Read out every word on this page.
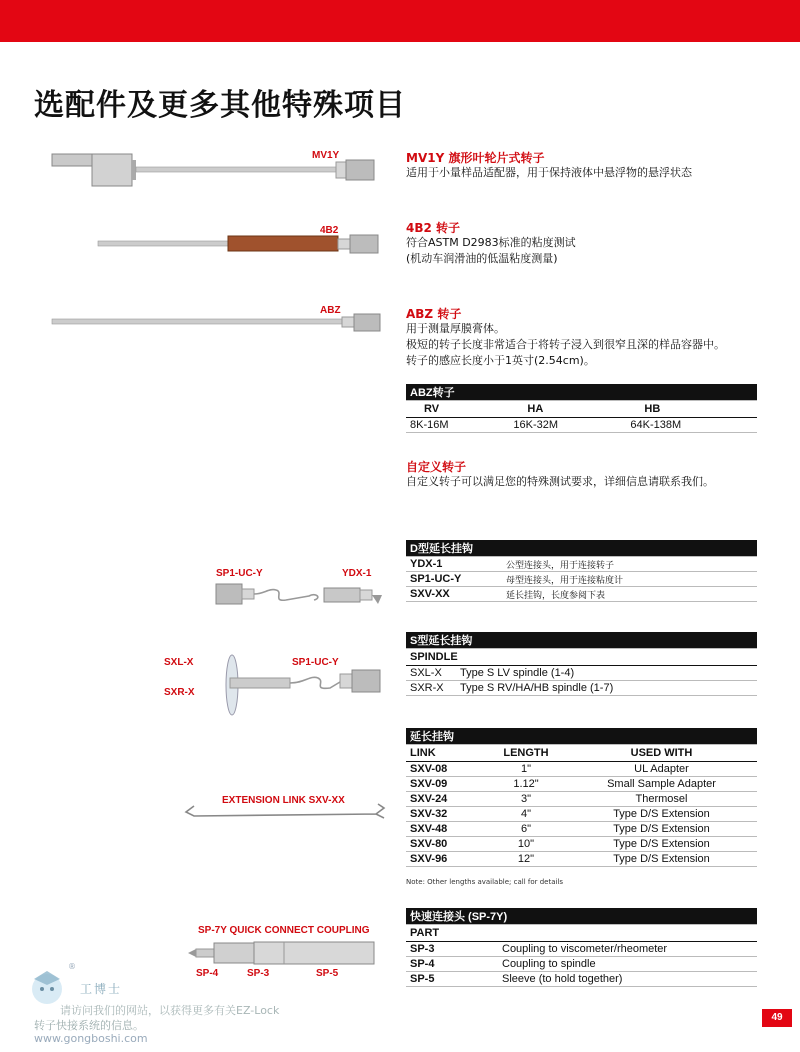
选配件及更多其他特殊项目
MV1Y	MV1Y 旗形叶轮片式转子
适用于小量样品适配器，用于保持液体中悬浮物的悬浮状态
4B2	4B2 转子
符合ASTM D2983标准的粘度测试
(机动车润滑油的低温粘度测量)
ABZ	ABZ 转子
用于测量厚膜膏体。
极短的转子长度非常适合于将转子浸入到很窄且深的样品容器中。
转子的感应长度小于1英寸(2.54cm)。
ABZ转子		
RV	HA	HB
8K-16M	16K-32M	64K-138M
自定义转子
自定义转子可以满足您的特殊测试要求，详细信息请联系我们。
SP1-UC-Y	YDX-1
D型延长挂钩	
YDX-1	公型连接头，用于连接转子
SP1-UC-Y	母型连接头，用于连接粘度计
SXV-XX	延长挂钩，长度参阅下表
SXL-X
SXR-X
SP1-UC-Y
S型延长挂钩	
SPINDLE	
SXL-X	Type S LV spindle (1-4)
SXR-X	Type S RV/HA/HB spindle (1-7)
EXTENSION LINK SXV-XX
延长挂钩		
LINK	LENGTH	USED WITH
SXV-08	1"	UL Adapter
SXV-09	1.12"	Small Sample Adapter
SXV-24	3"	Thermosel
SXV-32	4"	Type D/S Extension
SXV-48	6"	Type D/S Extension
SXV-80	10"	Type D/S Extension
SXV-96	12"	Type D/S Extension
Note: Other lengths available; call for details
SP-7Y QUICK CONNECT COUPLING
SP-4	SP-3	SP-5
快速连接头 (SP-7Y)	
PART	
SP-3	Coupling to viscometer/rheometer
SP-4	Coupling to spindle
SP-5	Sleeve (to hold together)
®
工博士
请访问我们的网站，以获得更多有关EZ-Lock
转子快接系统的信息。
www.gongboshi.com
49
